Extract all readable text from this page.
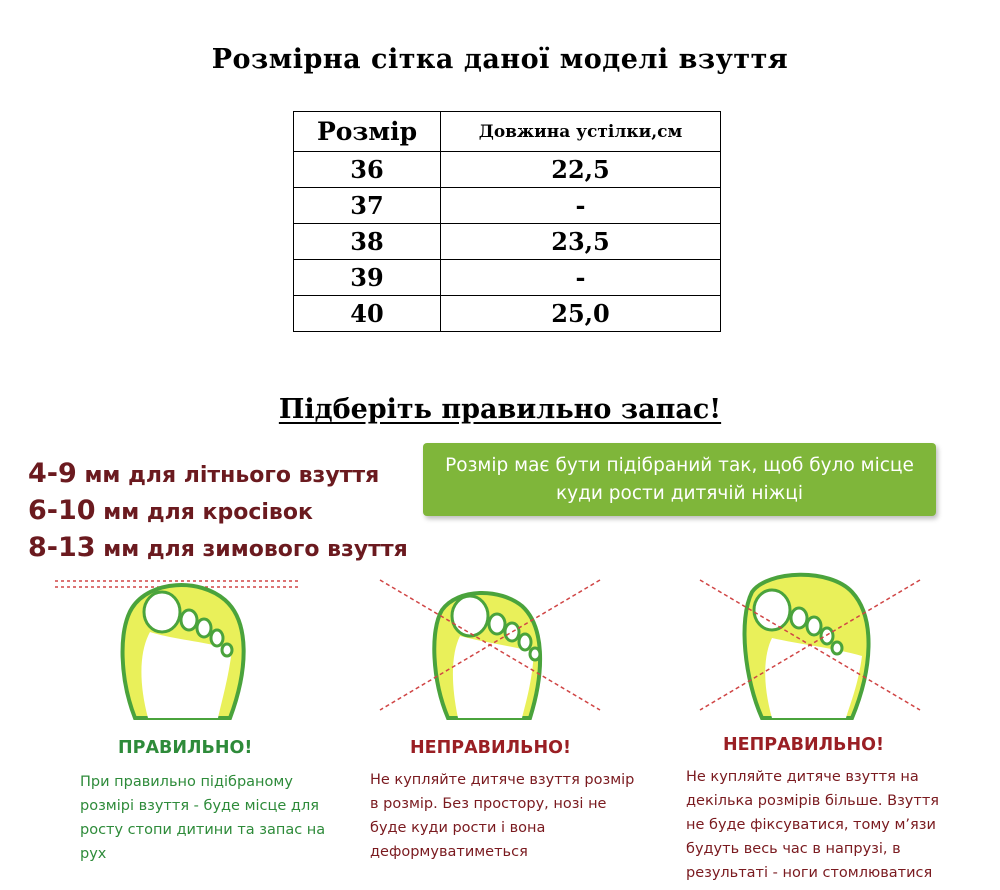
Розмірна сітка даної моделі взуття
Розмір	Довжина устілки,см
36	22,5
37	-
38	23,5
39	-
40	25,0
Підберіть правильно запас!
4-9 мм для літнього взуття
6-10 мм для кросівок
8-13 мм для зимового взуття
Розмір має бути підібраний так, щоб було місце
куди рости дитячій ніжці
ПРАВИЛЬНО!	НЕПРАВИЛЬНО!	НЕПРАВИЛЬНО!
При правильно підібраному
розмірі взуття - буде місце для
росту стопи дитини та запас на
рух
Не купляйте дитяче взуття розмір
в розмір. Без простору, нозі не
буде куди рости і вона
деформуватиметься
Не купляйте дитяче взуття на
декілька розмірів більше. Взуття
не буде фіксуватися, тому м’язи
будуть весь час в напрузі, в
результаті - ноги стомлюватися
